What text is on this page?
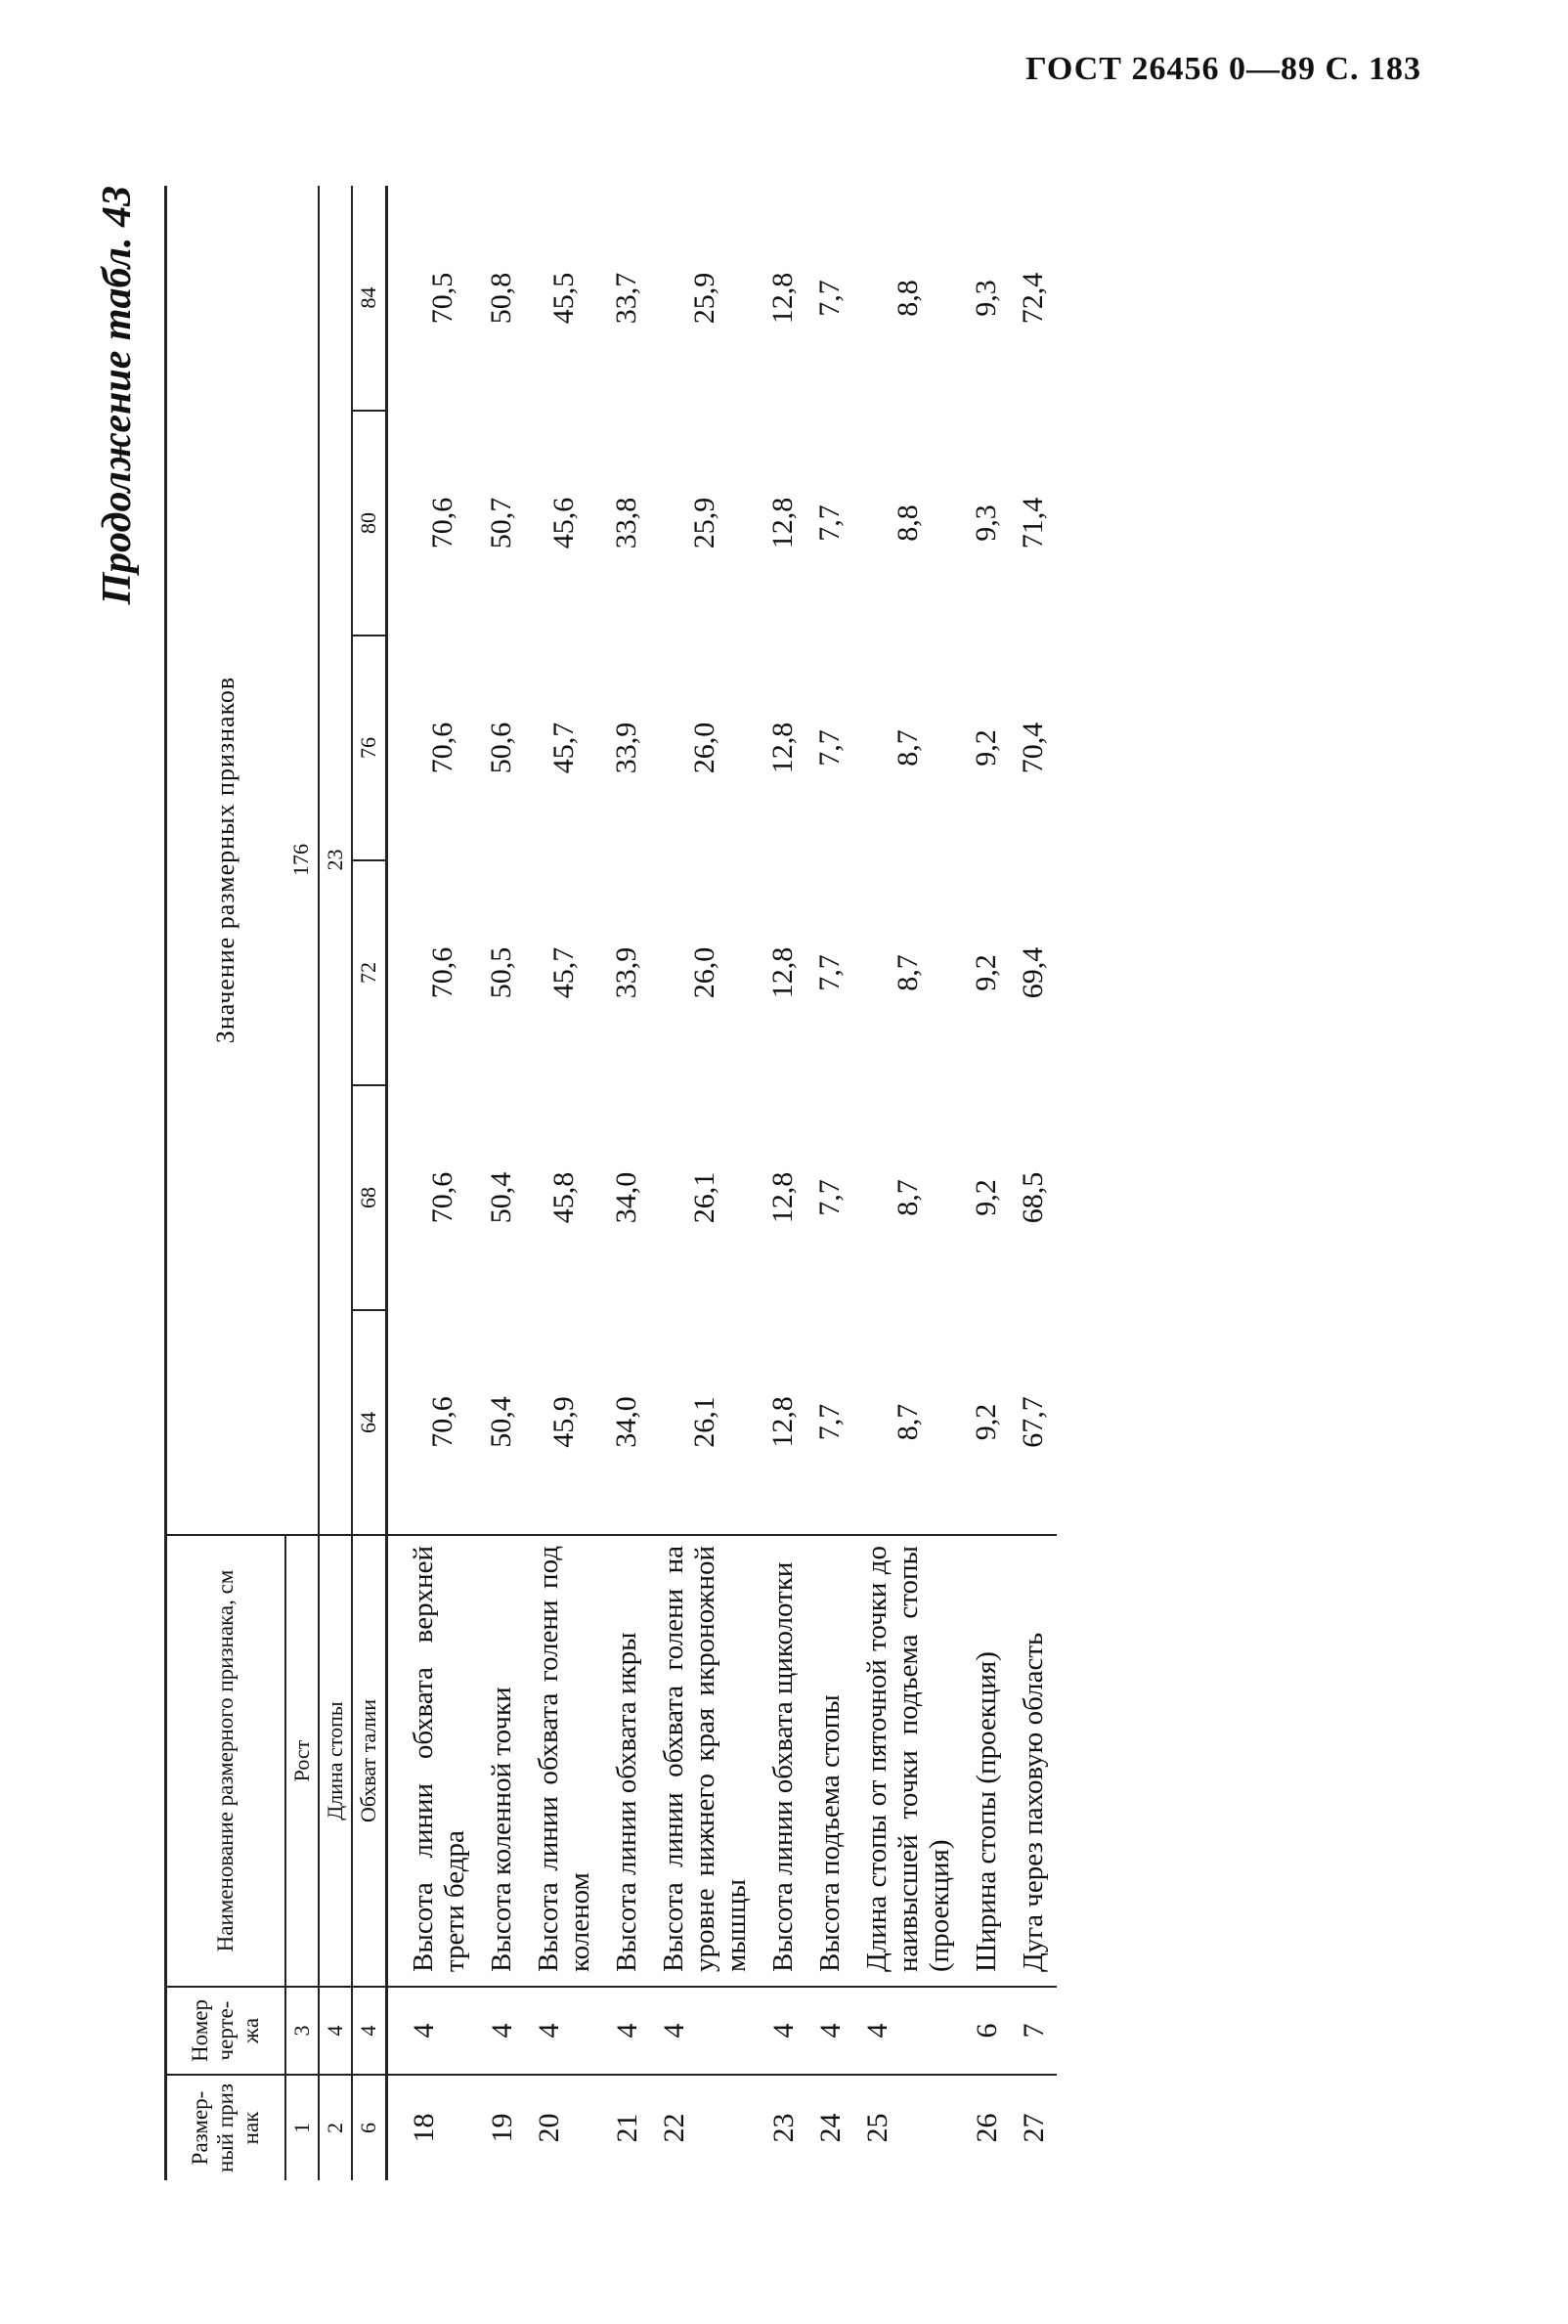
ГОСТ 26456 0—89 С. 183
Продолжение табл. 43
Размер-ный приз нак	Номер черте-жа	Наименование размерного признака, см	Значение размерных признаков					
1	3	Рост	176					
2	4	Длина стопы	23					
6	4	Обхват талии	64	68	72	76	80	84
18	4	Высота линии обхвата верхней трети бедра	70,6	70,6	70,6	70,6	70,6	70,5
19	4	Высота коленной точки	50,4	50,4	50,5	50,6	50,7	50,8
20	4	Высота линии обхвата голени под коленом	45,9	45,8	45,7	45,7	45,6	45,5
21	4	Высота линии обхвата икры	34,0	34,0	33,9	33,9	33,8	33,7
22	4	Высота линии обхвата голени на уровне нижнего края икроножной мышцы	26,1	26,1	26,0	26,0	25,9	25,9
23	4	Высота линии обхвата щиколотки	12,8	12,8	12,8	12,8	12,8	12,8
24	4	Высота подъема стопы	7,7	7,7	7,7	7,7	7,7	7,7
25	4	Длина стопы от пяточной точки до наивысшей точки подъема стопы (проекция)	8,7	8,7	8,7	8,7	8,8	8,8
26	6	Ширина стопы (проекция)	9,2	9,2	9,2	9,2	9,3	9,3
27	7	Дуга через паховую область	67,7	68,5	69,4	70,4	71,4	72,4
